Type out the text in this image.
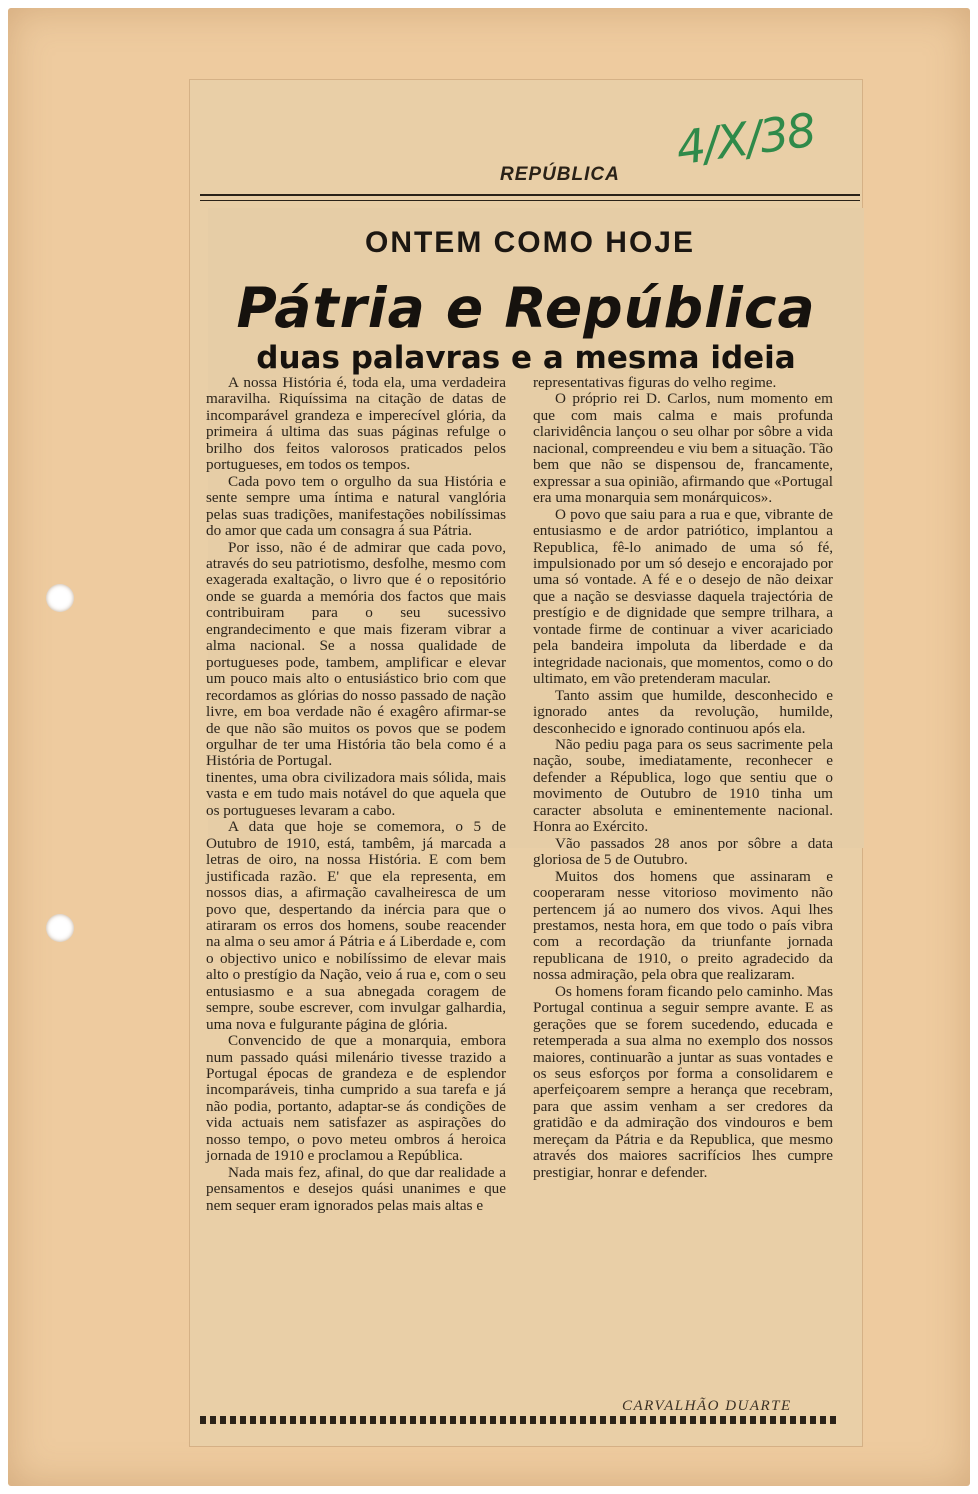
4/X/38
REPÚBLICA
ONTEM COMO HOJE
Pátria e República
duas palavras e a mesma ideia

A nossa História é, toda ela, uma verdadeira maravilha. Riquíssima na citação de datas de incomparável grandeza e imperecível glória, da primeira á ultima das suas páginas refulge o brilho dos feitos valorosos praticados pelos portugueses, em todos os tempos.

Cada povo tem o orgulho da sua História e sente sempre uma íntima e natural vanglória pelas suas tradições, manifestações nobilíssimas do amor que cada um consagra á sua Pátria.

Por isso, não é de admirar que cada povo, através do seu patriotismo, desfolhe, mesmo com exagerada exaltação, o livro que é o repositório onde se guarda a memória dos factos que mais contribuiram para o seu sucessivo engrandecimento e que mais fizeram vibrar a alma nacional. Se a nossa qualidade de portugueses pode, tambem, amplificar e elevar um pouco mais alto o entusiástico brio com que recordamos as glórias do nosso passado de nação livre, em boa verdade não é exagêro afirmar-se de que não são muitos os povos que se podem orgulhar de ter uma História tão bela como é a História de Portugal.

tinentes, uma obra civilizadora mais sólida, mais vasta e em tudo mais notável do que aquela que os portugueses levaram a cabo.

A data que hoje se comemora, o 5 de Outubro de 1910, está, tambêm, já marcada a letras de oiro, na nossa História. E com bem justificada razão. E' que ela representa, em nossos dias, a afirmação cavalheiresca de um povo que, despertando da inércia para que o atiraram os erros dos homens, soube reacender na alma o seu amor á Pátria e á Liberdade e, com o objectivo unico e nobilíssimo de elevar mais alto o prestígio da Nação, veio á rua e, com o seu entusiasmo e a sua abnegada coragem de sempre, soube escrever, com invulgar galhardia, uma nova e fulgurante página de glória.

Convencido de que a monarquia, embora num passado quási milenário tivesse trazido a Portugal épocas de grandeza e de esplendor incomparáveis, tinha cumprido a sua tarefa e já não podia, portanto, adaptar-se ás condições de vida actuais nem satisfazer as aspirações do nosso tempo, o povo meteu ombros á heroica jornada de 1910 e proclamou a República.

Nada mais fez, afinal, do que dar realidade a pensamentos e desejos quási unanimes e que nem sequer eram ignorados pelas mais altas e

representativas figuras do velho regime.

O próprio rei D. Carlos, num momento em que com mais calma e mais profunda clarividência lançou o seu olhar por sôbre a vida nacional, compreendeu e viu bem a situação. Tão bem que não se dispensou de, francamente, expressar a sua opinião, afirmando que «Portugal era uma monarquia sem monárquicos».

O povo que saiu para a rua e que, vibrante de entusiasmo e de ardor patriótico, implantou a Republica, fê-lo animado de uma só fé, impulsionado por um só desejo e encorajado por uma só vontade. A fé e o desejo de não deixar que a nação se desviasse daquela trajectória de prestígio e de dignidade que sempre trilhara, a vontade firme de continuar a viver acariciado pela bandeira impoluta da liberdade e da integridade nacionais, que momentos, como o do ultimato, em vão pretenderam macular.

Tanto assim que humilde, desconhecido e ignorado antes da revolução, humilde, desconhecido e ignorado continuou após ela.

Não pediu paga para os seus sacrimente pela nação, soube, imediatamente, reconhecer e defender a Républica, logo que sentiu que o movimento de Outubro de 1910 tinha um caracter absoluta e eminentemente nacional. Honra ao Exército.

Vão passados 28 anos por sôbre a data gloriosa de 5 de Outubro.

Muitos dos homens que assinaram e cooperaram nesse vitorioso movimento não pertencem já ao numero dos vivos. Aqui lhes prestamos, nesta hora, em que todo o país vibra com a recordação da triunfante jornada republicana de 1910, o preito agradecido da nossa admiração, pela obra que realizaram.

Os homens foram ficando pelo caminho. Mas Portugal continua a seguir sempre avante. E as gerações que se forem sucedendo, educada e retemperada a sua alma no exemplo dos nossos maiores, continuarão a juntar as suas vontades e os seus esforços por forma a consolidarem e aperfeiçoarem sempre a herança que recebram, para que assim venham a ser credores da gratidão e da admiração dos vindouros e bem mereçam da Pátria e da Republica, que mesmo através dos maiores sacrifícios lhes cumpre prestigiar, honrar e defender.

CARVALHÃO DUARTE
